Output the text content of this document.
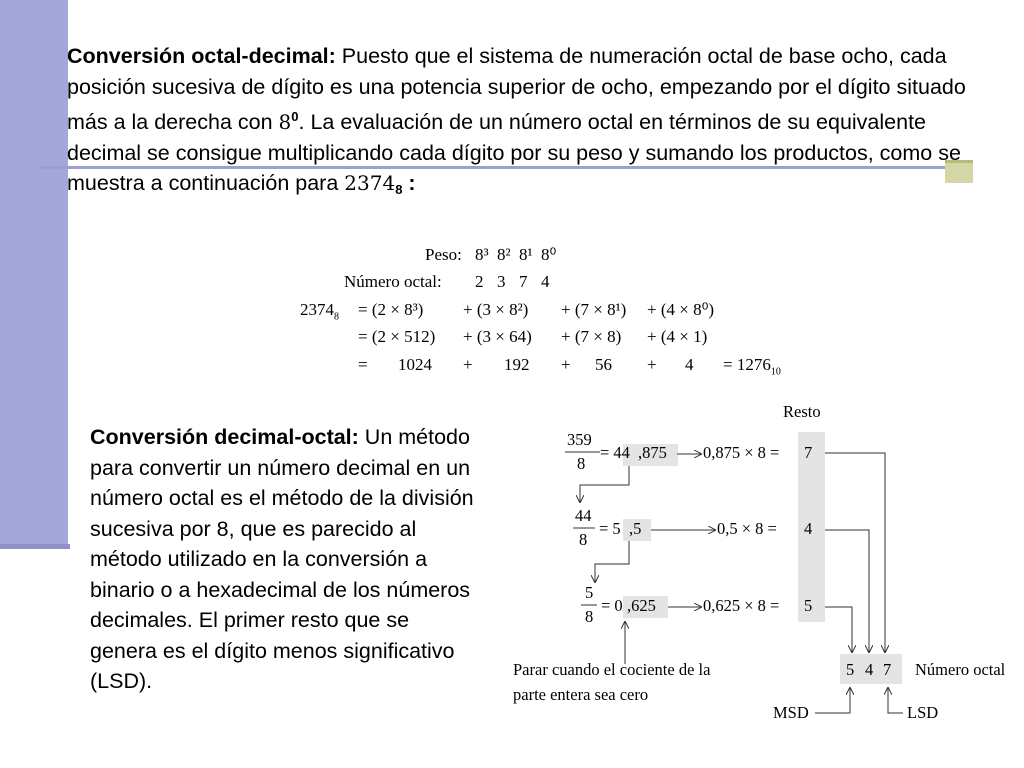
Conversión octal-decimal: Puesto que el sistema de numeración octal de base ocho, cada posición sucesiva de dígito es una potencia superior de ocho, empezando por el dígito situado más a la derecha con $8^0$. La evaluación de un número octal en términos de su equivalente decimal se consigue multiplicando cada dígito por su peso y sumando los productos, como se muestra a continuación para $2374_8$ :
Peso: 8³ 8² 8¹ 8⁰
Número octal: 2 3 7 4
$2374_8 = (2 \times 8^3) + (3 \times 8^2) + (7 \times 8^1) + (4 \times 8^0)$
= (2 × 512) + (3 × 64) + (7 × 8) + (4 × 1)
= $1024 + 192 + 56 + 4 = 1276_{10}$
Conversión decimal-octal: Un método para convertir un número decimal en un número octal es el método de la división sucesiva por 8, que es parecido al método utilizado en la conversión a binario o a hexadecimal de los números decimales. El primer resto que se genera es el dígito menos significativo (LSD).
Resto
359
8
= 44 ,875 0,875 × 8 = 7
44
8
= 5 ,5	0,5 × 8 = 4
5
8
= 0 ,625	0,625 × 8 = 5
5 4 7 Número octal
Parar cuando el cociente de la
parte entera sea cero
MSD	LSD
